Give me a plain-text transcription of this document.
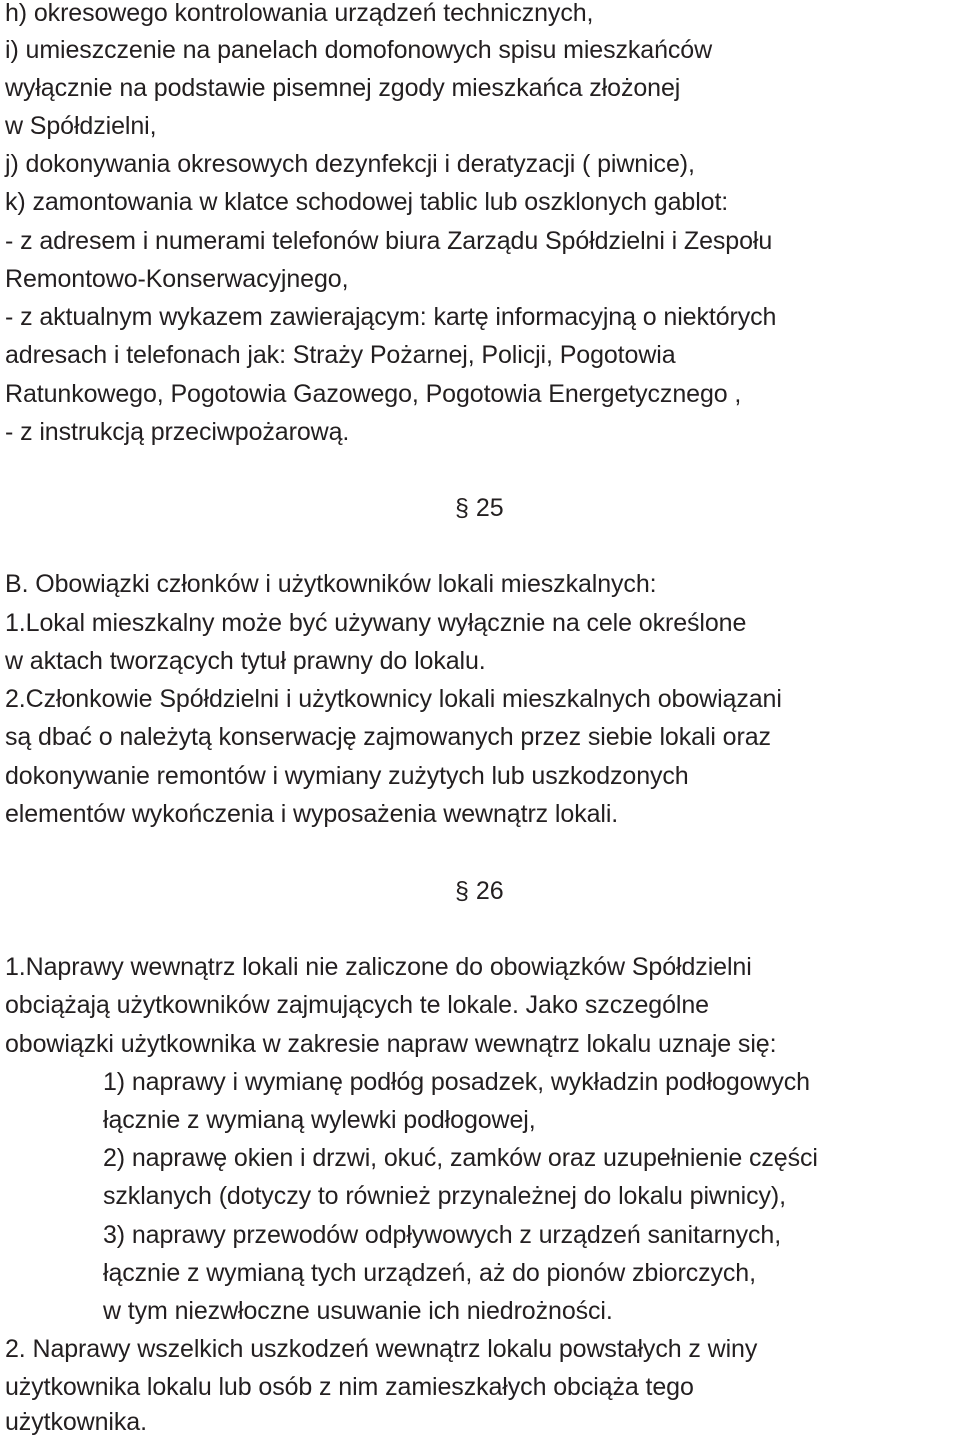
h) okresowego kontrolowania urządzeń technicznych,
i) umieszczenie na panelach domofonowych spisu mieszkańców
wyłącznie na podstawie pisemnej zgody mieszkańca złożonej
w Spółdzielni,
j) dokonywania okresowych dezynfekcji i deratyzacji ( piwnice),
k) zamontowania w klatce schodowej tablic lub oszklonych gablot:
- z adresem i numerami telefonów biura Zarządu Spółdzielni i Zespołu
Remontowo-Konserwacyjnego,
- z aktualnym wykazem zawierającym: kartę informacyjną o niektórych
adresach i telefonach jak: Straży Pożarnej, Policji, Pogotowia
Ratunkowego, Pogotowia Gazowego, Pogotowia Energetycznego ,
- z instrukcją przeciwpożarową.
§ 25
B. Obowiązki członków i użytkowników lokali mieszkalnych:
1.Lokal mieszkalny może być używany wyłącznie na cele określone
w aktach tworzących tytuł prawny do lokalu.
2.Członkowie Spółdzielni i użytkownicy lokali mieszkalnych obowiązani
są dbać o należytą konserwację zajmowanych przez siebie lokali oraz
dokonywanie remontów i wymiany zużytych lub uszkodzonych
elementów wykończenia i wyposażenia wewnątrz lokali.
§ 26
1.Naprawy wewnątrz lokali nie zaliczone do obowiązków Spółdzielni
obciążają użytkowników zajmujących te lokale. Jako szczególne
obowiązki użytkownika w zakresie napraw wewnątrz lokalu uznaje się:
1) naprawy i wymianę podłóg posadzek, wykładzin podłogowych
łącznie z wymianą wylewki podłogowej,
2) naprawę okien i drzwi, okuć, zamków oraz uzupełnienie części
szklanych (dotyczy to również przynależnej do lokalu piwnicy),
3) naprawy przewodów odpływowych z urządzeń sanitarnych,
łącznie z wymianą tych urządzeń, aż do pionów zbiorczych,
w tym niezwłoczne usuwanie ich niedrożności.
2. Naprawy wszelkich uszkodzeń wewnątrz lokalu powstałych z winy
użytkownika lokalu lub osób z nim zamieszkałych obciąża tego
użytkownika.
